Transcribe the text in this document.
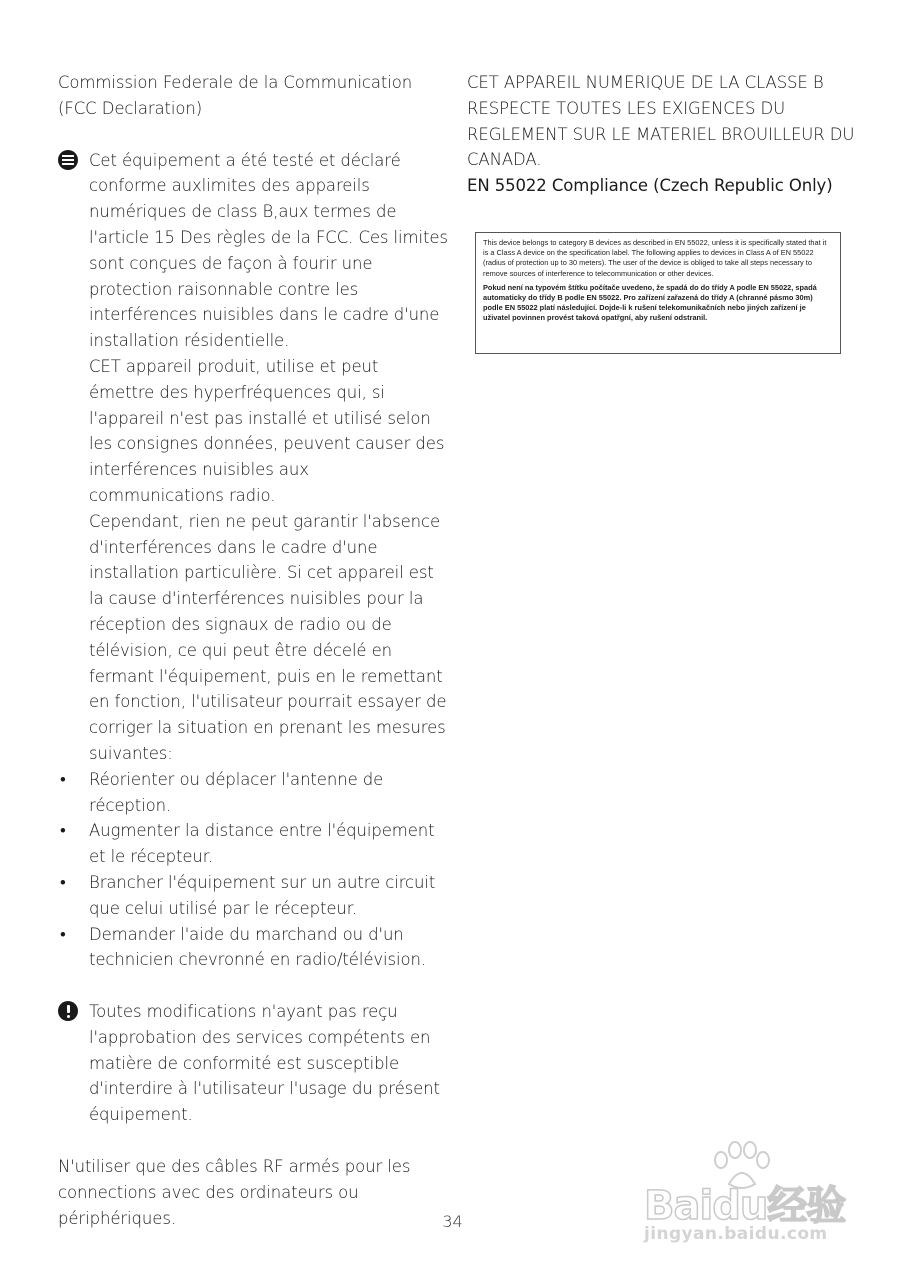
Commission Federale de la Communication
(FCC Declaration)

Cet équipement a été testé et déclaré conforme auxlimites des appareils numériques de class B,aux termes de l'article 15 Des règles de la FCC. Ces limites sont conçues de façon à fourir une protection raisonnable contre les interférences nuisibles dans le cadre d'une installation résidentielle.

CET appareil produit, utilise et peut émettre des hyperfréquences qui, si l'appareil n'est pas installé et utilisé selon les consignes données, peuvent causer des interférences nuisibles aux communications radio.

Cependant, rien ne peut garantir l'absence d'interférences dans le cadre d'une installation particulière. Si cet appareil est la cause d'interférences nuisibles pour la réception des signaux de radio ou de télévision, ce qui peut être décelé en fermant l'équipement, puis en le remettant en fonction, l'utilisateur pourrait essayer de corriger la situation en prenant les mesures suivantes:

• Réorienter ou déplacer l'antenne de réception.
• Augmenter la distance entre l'équipement et le récepteur.
• Brancher l'équipement sur un autre circuit que celui utilisé par le récepteur.
• Demander l'aide du marchand ou d'un technicien chevronné en radio/télévision.

Toutes modifications n'ayant pas reçu l'approbation des services compétents en matière de conformité est susceptible d'interdire à l'utilisateur l'usage du présent équipement.

N'utiliser que des câbles RF armés pour les connections avec des ordinateurs ou périphériques.

CET APPAREIL NUMERIQUE DE LA CLASSE B RESPECTE TOUTES LES EXIGENCES DU REGLEMENT SUR LE MATERIEL BROUILLEUR DU CANADA.

EN 55022 Compliance (Czech Republic Only)

This device belongs to category B devices as described in EN 55022, unless it is specifically stated that it is a Class A device on the specification label. The following applies to devices in Class A of EN 55022 (radius of protection up to 30 meters). The user of the device is obliged to take all steps necessary to remove sources of interference to telecommunication or other devices.

Pokud není na typovém štítku počítače uvedeno, že spadá do do třídy A podle EN 55022, spadá automaticky do třídy B podle EN 55022. Pro zařízení zařazená do třídy A (chranné pásmo 30m) podle EN 55022 platí následující. Dojde-li k rušení telekomunikačních nebo jiných zařízení je uživatel povinnen provést taková opatřgní, aby rušení odstranil.

34	Baidu经验
jingyan.baidu.com
